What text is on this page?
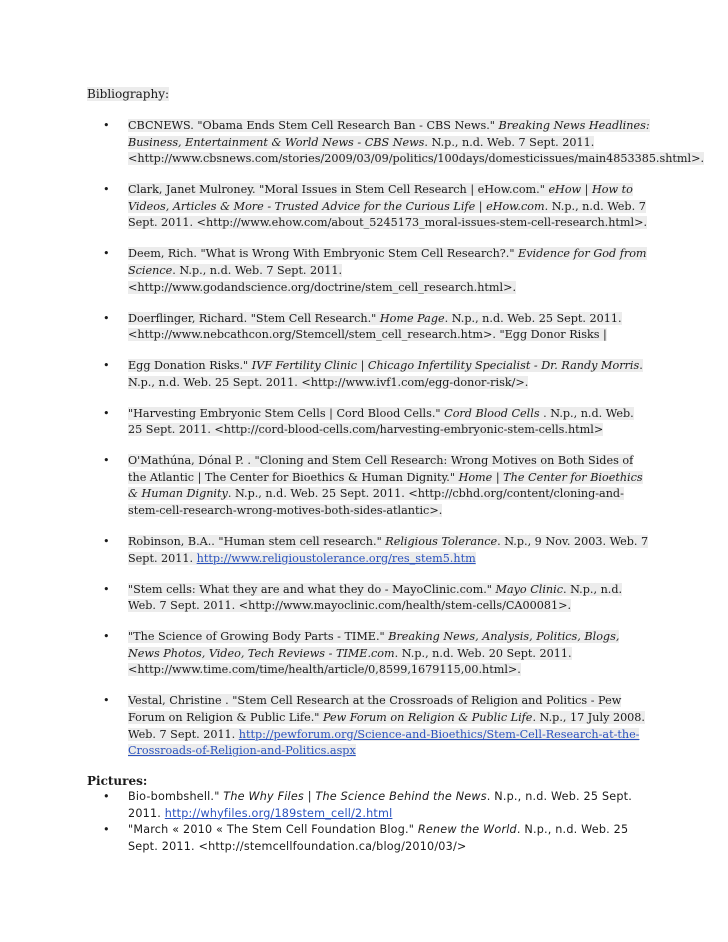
Bibliography:
• CBCNEWS. "Obama Ends Stem Cell Research Ban - CBS News." Breaking News Headlines: Business, Entertainment & World News - CBS News. N.p., n.d. Web. 7 Sept. 2011.<http://www.cbsnews.com/stories/2009/03/09/politics/100days/domesticissues/main4853385.shtml>.
• Clark, Janet Mulroney. "Moral Issues in Stem Cell Research | eHow.com." eHow | How to Videos, Articles & More - Trusted Advice for the Curious Life | eHow.com. N.p., n.d. Web. 7 Sept. 2011. <http://www.ehow.com/about_5245173_moral-issues-stem-cell-research.html>.
• Deem, Rich. "What is Wrong With Embryonic Stem Cell Research?." Evidence for God from Science. N.p., n.d. Web. 7 Sept. 2011. <http://www.godandscience.org/doctrine/stem_cell_research.html>.
• Doerflinger, Richard. "Stem Cell Research." Home Page. N.p., n.d. Web. 25 Sept. 2011. <http://www.nebcathcon.org/Stemcell/stem_cell_research.htm>. "Egg Donor Risks |
• Egg Donation Risks." IVF Fertility Clinic | Chicago Infertility Specialist - Dr. Randy Morris. N.p., n.d. Web. 25 Sept. 2011. <http://www.ivf1.com/egg-donor-risk/>.
• "Harvesting Embryonic Stem Cells | Cord Blood Cells." Cord Blood Cells . N.p., n.d. Web. 25 Sept. 2011. <http://cord-blood-cells.com/harvesting-embryonic-stem-cells.html>
• O'Mathúna, Dónal P. . "Cloning and Stem Cell Research: Wrong Motives on Both Sides of the Atlantic | The Center for Bioethics & Human Dignity." Home | The Center for Bioethics & Human Dignity. N.p., n.d. Web. 25 Sept. 2011. <http://cbhd.org/content/cloning-and-stem-cell-research-wrong-motives-both-sides-atlantic>.
• Robinson, B.A.. "Human stem cell research." Religious Tolerance. N.p., 9 Nov. 2003. Web. 7 Sept. 2011. http://www.religioustolerance.org/res_stem5.htm
• "Stem cells: What they are and what they do - MayoClinic.com." Mayo Clinic. N.p., n.d. Web. 7 Sept. 2011. <http://www.mayoclinic.com/health/stem-cells/CA00081>.
• "The Science of Growing Body Parts - TIME." Breaking News, Analysis, Politics, Blogs, News Photos, Video, Tech Reviews - TIME.com. N.p., n.d. Web. 20 Sept. 2011. <http://www.time.com/time/health/article/0,8599,1679115,00.html>.
• Vestal, Christine . "Stem Cell Research at the Crossroads of Religion and Politics - Pew Forum on Religion & Public Life." Pew Forum on Religion & Public Life. N.p., 17 July 2008. Web. 7 Sept. 2011. http://pewforum.org/Science-and-Bioethics/Stem-Cell-Research-at-the-Crossroads-of-Religion-and-Politics.aspx
Pictures:
• Bio-bombshell." The Why Files | The Science Behind the News. N.p., n.d. Web. 25 Sept. 2011. http://whyfiles.org/189stem_cell/2.html
• "March « 2010 « The Stem Cell Foundation Blog." Renew the World. N.p., n.d. Web. 25 Sept. 2011. <http://stemcellfoundation.ca/blog/2010/03/>
